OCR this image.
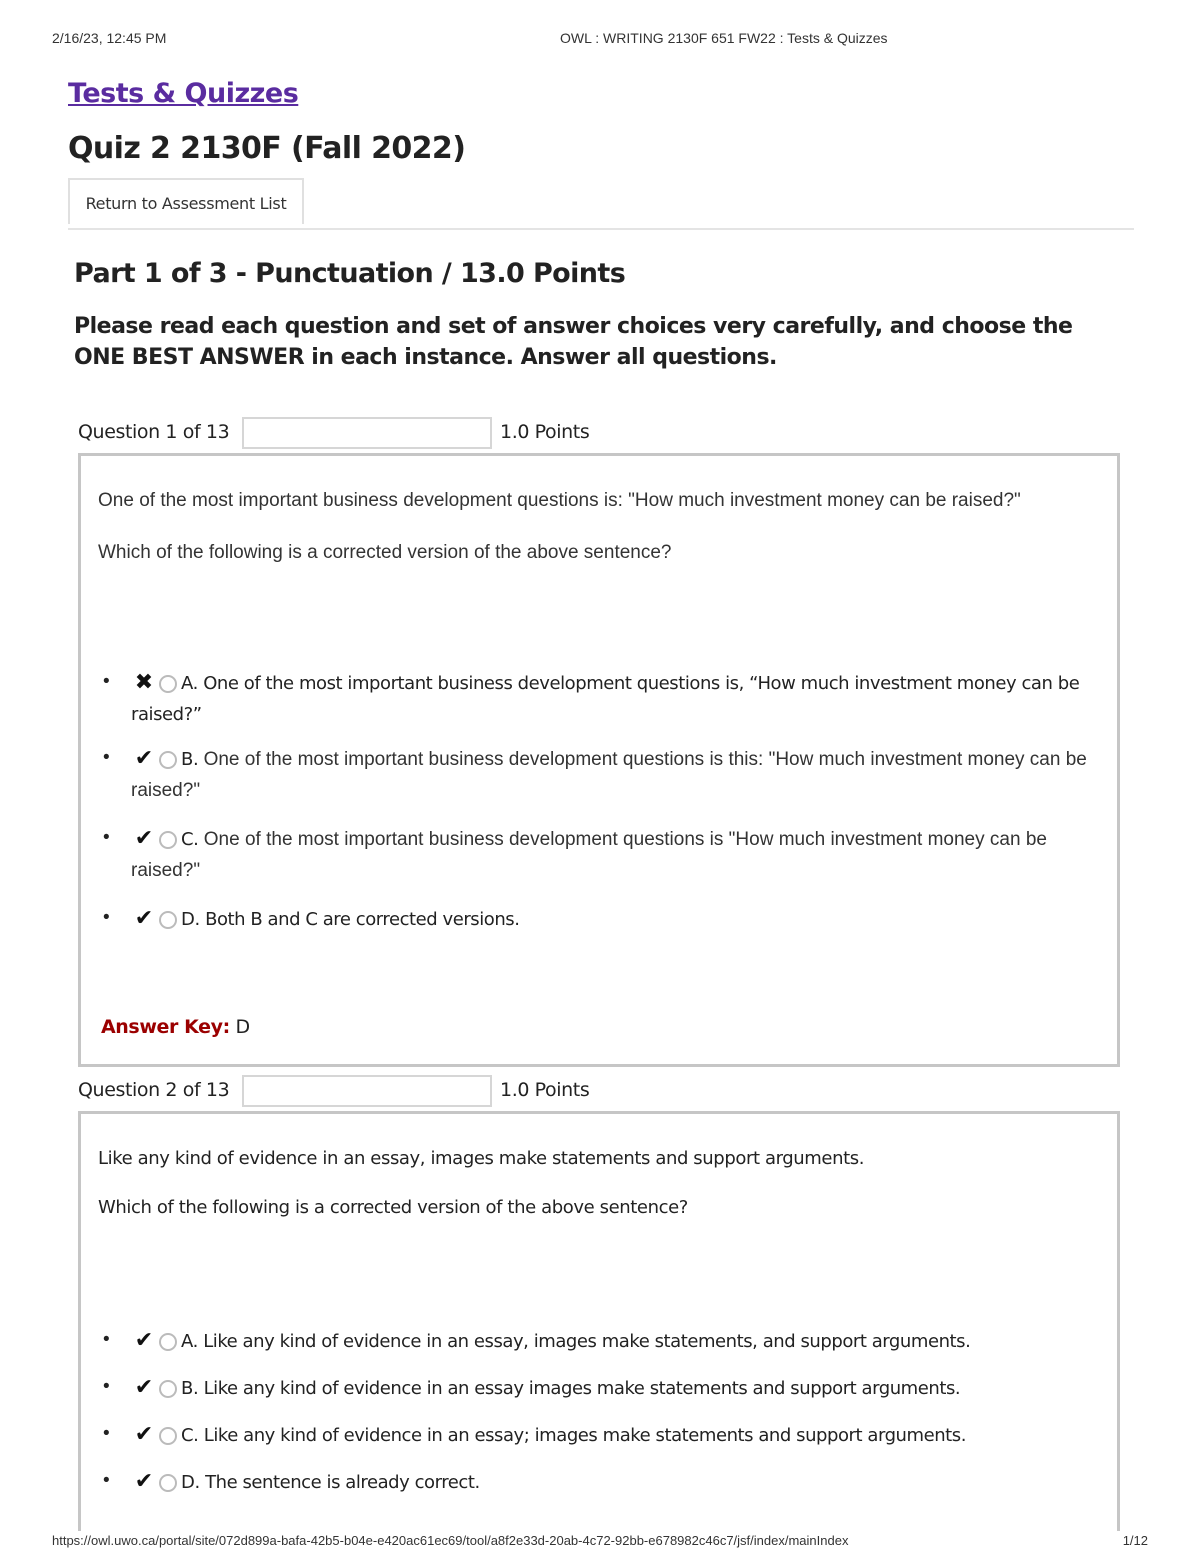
2/16/23, 12:45 PM	OWL : WRITING 2130F 651 FW22 : Tests & Quizzes
Tests & Quizzes
Quiz 2 2130F (Fall 2022)
Return to Assessment List
Part 1 of 3 - Punctuation / 13.0 Points
Please read each question and set of answer choices very carefully, and choose the ONE BEST ANSWER in each instance. Answer all questions.
Question 1 of 13	1.0 Points

One of the most important business development questions is: "How much investment money can be raised?"

Which of the following is a corrected version of the above sentence?

• ✖ A. One of the most important business development questions is, “How much investment money can be raised?”
• ✔ B. One of the most important business development questions is this: "How much investment money can be raised?"
• ✔ C. One of the most important business development questions is "How much investment money can be raised?"
• ✔ D. Both B and C are corrected versions.
Answer Key: D
Question 2 of 13	1.0 Points

Like any kind of evidence in an essay, images make statements and support arguments.

Which of the following is a corrected version of the above sentence?

• ✔ A. Like any kind of evidence in an essay, images make statements, and support arguments.
• ✔ B. Like any kind of evidence in an essay images make statements and support arguments.
• ✔ C. Like any kind of evidence in an essay; images make statements and support arguments.
• ✔ D. The sentence is already correct.
https://owl.uwo.ca/portal/site/072d899a-bafa-42b5-b04e-e420ac61ec69/tool/a8f2e33d-20ab-4c72-92bb-e678982c46c7/jsf/index/mainIndex	1/12
